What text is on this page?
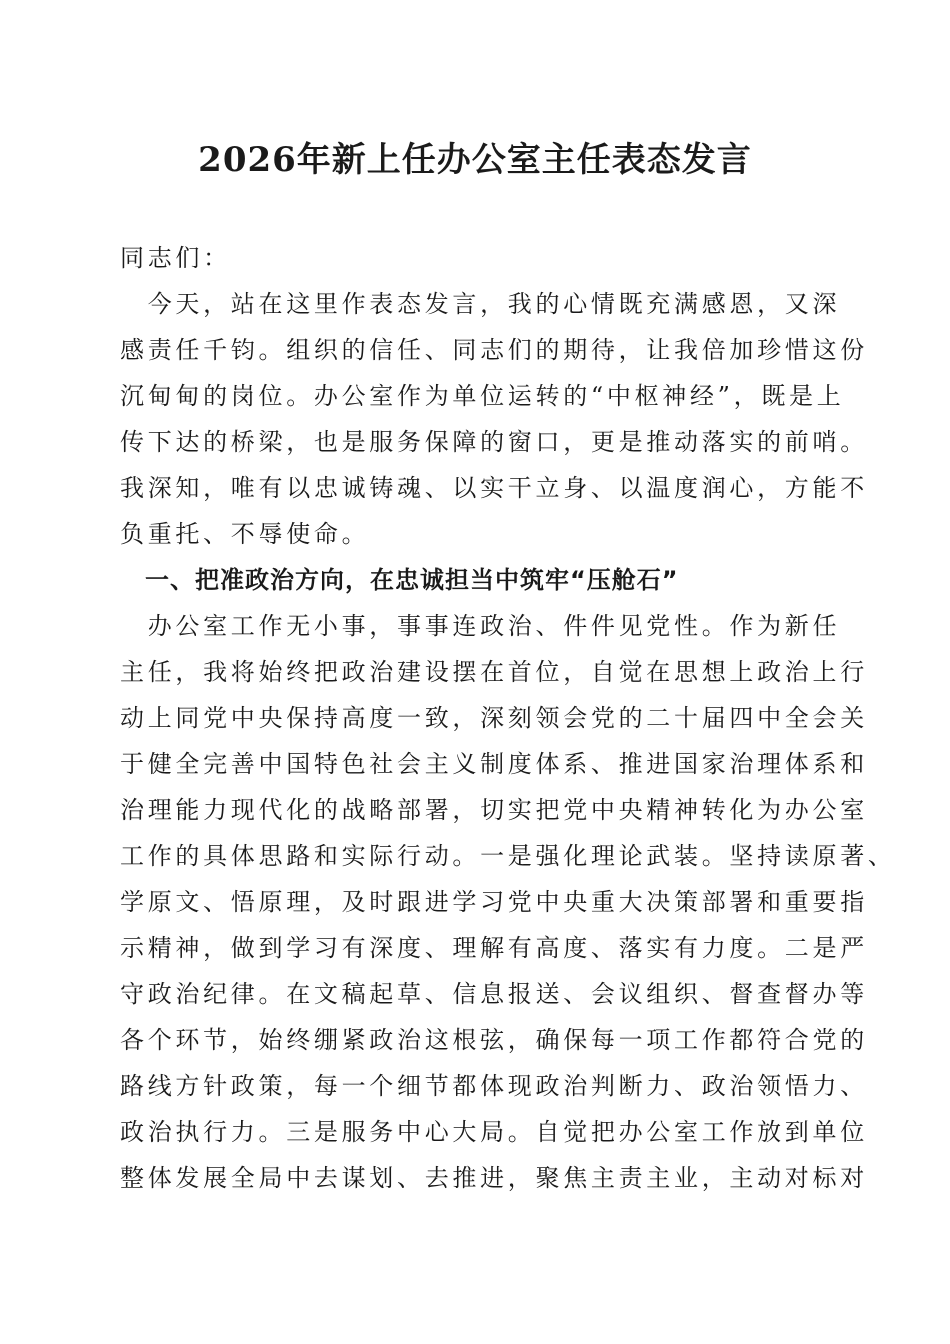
2026年新上任办公室主任表态发言

同志们：

　今天，站在这里作表态发言，我的心情既充满感恩，又深

感责任千钧。组织的信任、同志们的期待，让我倍加珍惜这份

沉甸甸的岗位。办公室作为单位运转的“中枢神经”，既是上

传下达的桥梁，也是服务保障的窗口，更是推动落实的前哨。

我深知，唯有以忠诚铸魂、以实干立身、以温度润心，方能不

负重托、不辱使命。

　一、把准政治方向，在忠诚担当中筑牢“压舱石”

　办公室工作无小事，事事连政治、件件见党性。作为新任

主任，我将始终把政治建设摆在首位，自觉在思想上政治上行

动上同党中央保持高度一致，深刻领会党的二十届四中全会关

于健全完善中国特色社会主义制度体系、推进国家治理体系和

治理能力现代化的战略部署，切实把党中央精神转化为办公室

工作的具体思路和实际行动。一是强化理论武装。坚持读原著、

学原文、悟原理，及时跟进学习党中央重大决策部署和重要指

示精神，做到学习有深度、理解有高度、落实有力度。二是严

守政治纪律。在文稿起草、信息报送、会议组织、督查督办等

各个环节，始终绷紧政治这根弦，确保每一项工作都符合党的

路线方针政策，每一个细节都体现政治判断力、政治领悟力、

政治执行力。三是服务中心大局。自觉把办公室工作放到单位

整体发展全局中去谋划、去推进，聚焦主责主业，主动对标对
